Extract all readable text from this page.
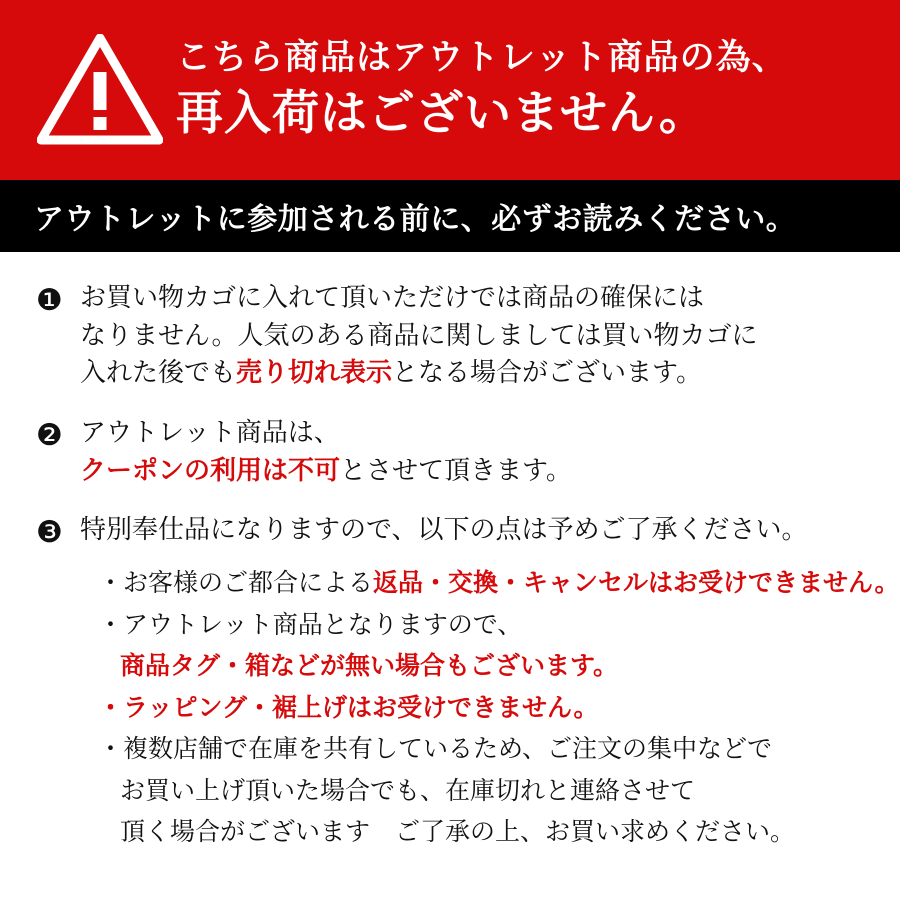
こちら商品はアウトレット商品の為、
再入荷はございません。
アウトレットに参加される前に、必ずお読みください。
❶ お買い物カゴに入れて頂いただけでは商品の確保には
なりません。人気のある商品に関しましては買い物カゴに
入れた後でも売り切れ表示となる場合がございます。
❷ アウトレット商品は、
クーポンの利用は不可とさせて頂きます。
❸ 特別奉仕品になりますので、以下の点は予めご了承ください。
・お客様のご都合による返品・交換・キャンセルはお受けできません。
・アウトレット商品となりますので、
商品タグ・箱などが無い場合もございます。
・ラッピング・裾上げはお受けできません。
・複数店舗で在庫を共有しているため、ご注文の集中などで
お買い上げ頂いた場合でも、在庫切れと連絡させて
頂く場合がございます　ご了承の上、お買い求めください。
